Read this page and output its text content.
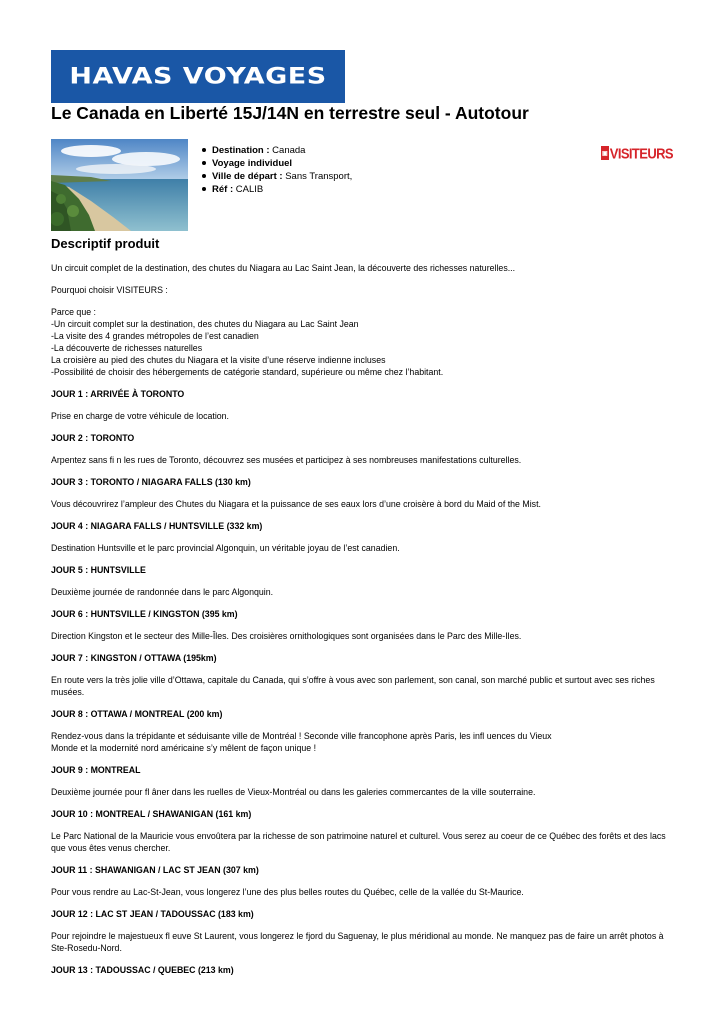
HAVAS VOYAGES
Le Canada en Liberté 15J/14N en terrestre seul - Autotour
Destination : Canada
Voyage individuel
Ville de départ : Sans Transport,
Réf : CALIB
▣ VISITEURS
Descriptif produit

Un circuit complet de la destination, des chutes du Niagara au Lac Saint Jean, la découverte des richesses naturelles...

Pourquoi choisir VISITEURS :

Parce que :
-Un circuit complet sur la destination, des chutes du Niagara au Lac Saint Jean
-La visite des 4 grandes métropoles de l’est canadien
-La découverte de richesses naturelles
La croisière au pied des chutes du Niagara et la visite d’une réserve indienne incluses
-Possibilité de choisir des hébergements de catégorie standard, supérieure ou même chez l’habitant.

JOUR 1 : ARRIVÉE À TORONTO

Prise en charge de votre véhicule de location.

JOUR 2 : TORONTO

Arpentez sans fi n les rues de Toronto, découvrez ses musées et participez à ses nombreuses manifestations culturelles.

JOUR 3 : TORONTO / NIAGARA FALLS (130 km)

Vous découvrirez l’ampleur des Chutes du Niagara et la puissance de ses eaux lors d’une croisère à bord du Maid of the Mist.

JOUR 4 : NIAGARA FALLS / HUNTSVILLE (332 km)

Destination Huntsville et le parc provincial Algonquin, un véritable joyau de l’est canadien.

JOUR 5 : HUNTSVILLE

Deuxième journée de randonnée dans le parc Algonquin.

JOUR 6 : HUNTSVILLE / KINGSTON (395 km)

Direction Kingston et le secteur des Mille-Îles. Des croisières ornithologiques sont organisées dans le Parc des Mille-Iles.

JOUR 7 : KINGSTON / OTTAWA (195km)

En route vers la très jolie ville d’Ottawa, capitale du Canada, qui s’offre à vous avec son parlement, son canal, son marché public et surtout avec ses riches musées.

JOUR 8 : OTTAWA / MONTREAL (200 km)

Rendez-vous dans la trépidante et séduisante ville de Montréal ! Seconde ville francophone après Paris, les infl uences du Vieux
Monde et la modernité nord américaine s’y mêlent de façon unique !

JOUR 9 : MONTREAL

Deuxième journée pour fl âner dans les ruelles de Vieux-Montréal ou dans les galeries commercantes de la ville souterraine.

JOUR 10 : MONTREAL / SHAWANIGAN (161 km)

Le Parc National de la Mauricie vous envoûtera par la richesse de son patrimoine naturel et culturel. Vous serez au coeur de ce Québec des forêts et des lacs que vous êtes venus chercher.

JOUR 11 : SHAWANIGAN / LAC ST JEAN (307 km)

Pour vous rendre au Lac-St-Jean, vous longerez l’une des plus belles routes du Québec, celle de la vallée du St-Maurice.

JOUR 12 : LAC ST JEAN / TADOUSSAC (183 km)

Pour rejoindre le majestueux fl euve St Laurent, vous longerez le fjord du Saguenay, le plus méridional au monde. Ne manquez pas de faire un arrêt photos à Ste-Rosedu-Nord.

JOUR 13 : TADOUSSAC / QUEBEC (213 km)
